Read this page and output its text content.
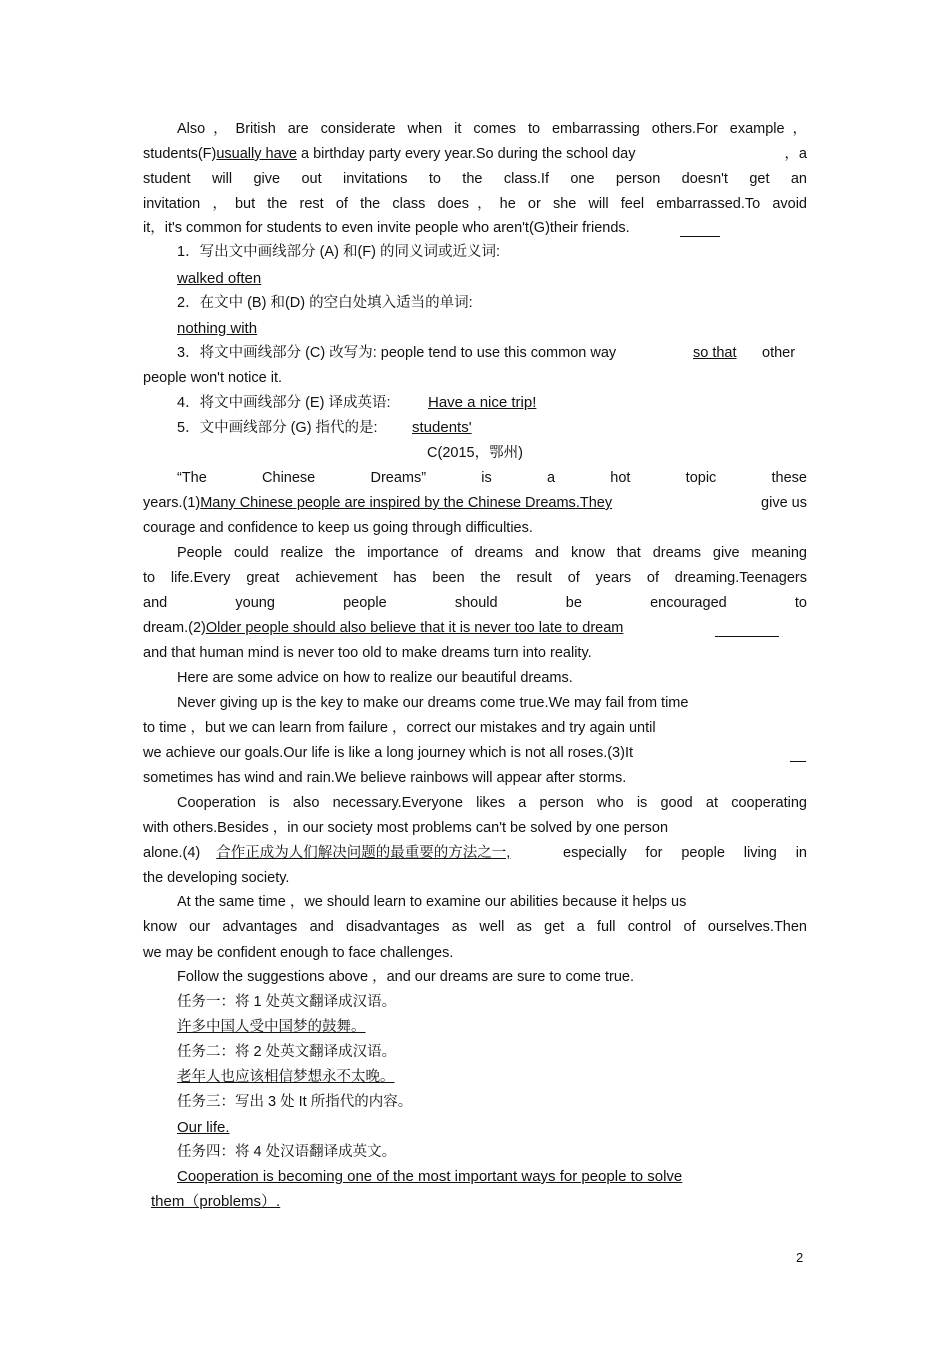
Also，British are considerate when it comes to embarrassing others.For example，
students(F)usually have a birthday party every year.So during the school day	，a
student will give out invitations to the class.If one person doesn't get an
invitation ，but the rest of the class does，he or she will feel embarrassed.To avoid
it，it's common for students to even invite people who aren't(G)their friends.
1．写出文中画线部分 (A) 和(F) 的同义词或近义词:
walked often
2．在文中 (B) 和(D) 的空白处填入适当的单词:
nothing with
3．将文中画线部分 (C) 改写为: people tend to use this common way	so that other
people won't notice it.
4．将文中画线部分 (E) 译成英语:	Have a nice trip!
5．文中画线部分 (G) 指代的是: students'
C(2015，鄂州)
“The Chinese Dreams” is a hot topic these
years.(1)Many Chinese people are inspired by the Chinese Dreams.They	give us
courage and confidence to keep us going through difficulties.
People could realize the importance of dreams and know that dreams give meaning
to life.Every great achievement has been the result of years of dreaming.Teenagers
and young people should be encouraged to
dream.(2)Older people should also believe that it is never too late to dream
and that human mind is never too old to make dreams turn into reality.
Here are some advice on how to realize our beautiful dreams.
Never giving up is the key to make our dreams come true.We may fail from time
to time ，but we can learn from failure ，correct our mistakes and try again until
we achieve our goals.Our life is like a long journey which is not all roses.(3)It
sometimes has wind and rain.We believe rainbows will appear after storms.
Cooperation is also necessary.Everyone likes a person who is good at cooperating
with others.Besides ，in our society most problems can't be solved by one person
alone.(4) 合作正成为人们解决问题的最重要的方法之一,	especially for people living in
the developing society.
At the same time ，we should learn to examine our abilities because it helps us
know our advantages and disadvantages as well as get a full control of ourselves.Then
we may be confident enough to face challenges.
Follow the suggestions above ，and our dreams are sure to come true.
任务一：将 1 处英文翻译成汉语。
许多中国人受中国梦的鼓舞。
任务二：将 2 处英文翻译成汉语。
老年人也应该相信梦想永不太晚。
任务三：写出 3 处 It 所指代的内容。
Our life.
任务四：将 4 处汉语翻译成英文。
Cooperation is becoming one of the most important ways for people to solve
them（problems）.
2
